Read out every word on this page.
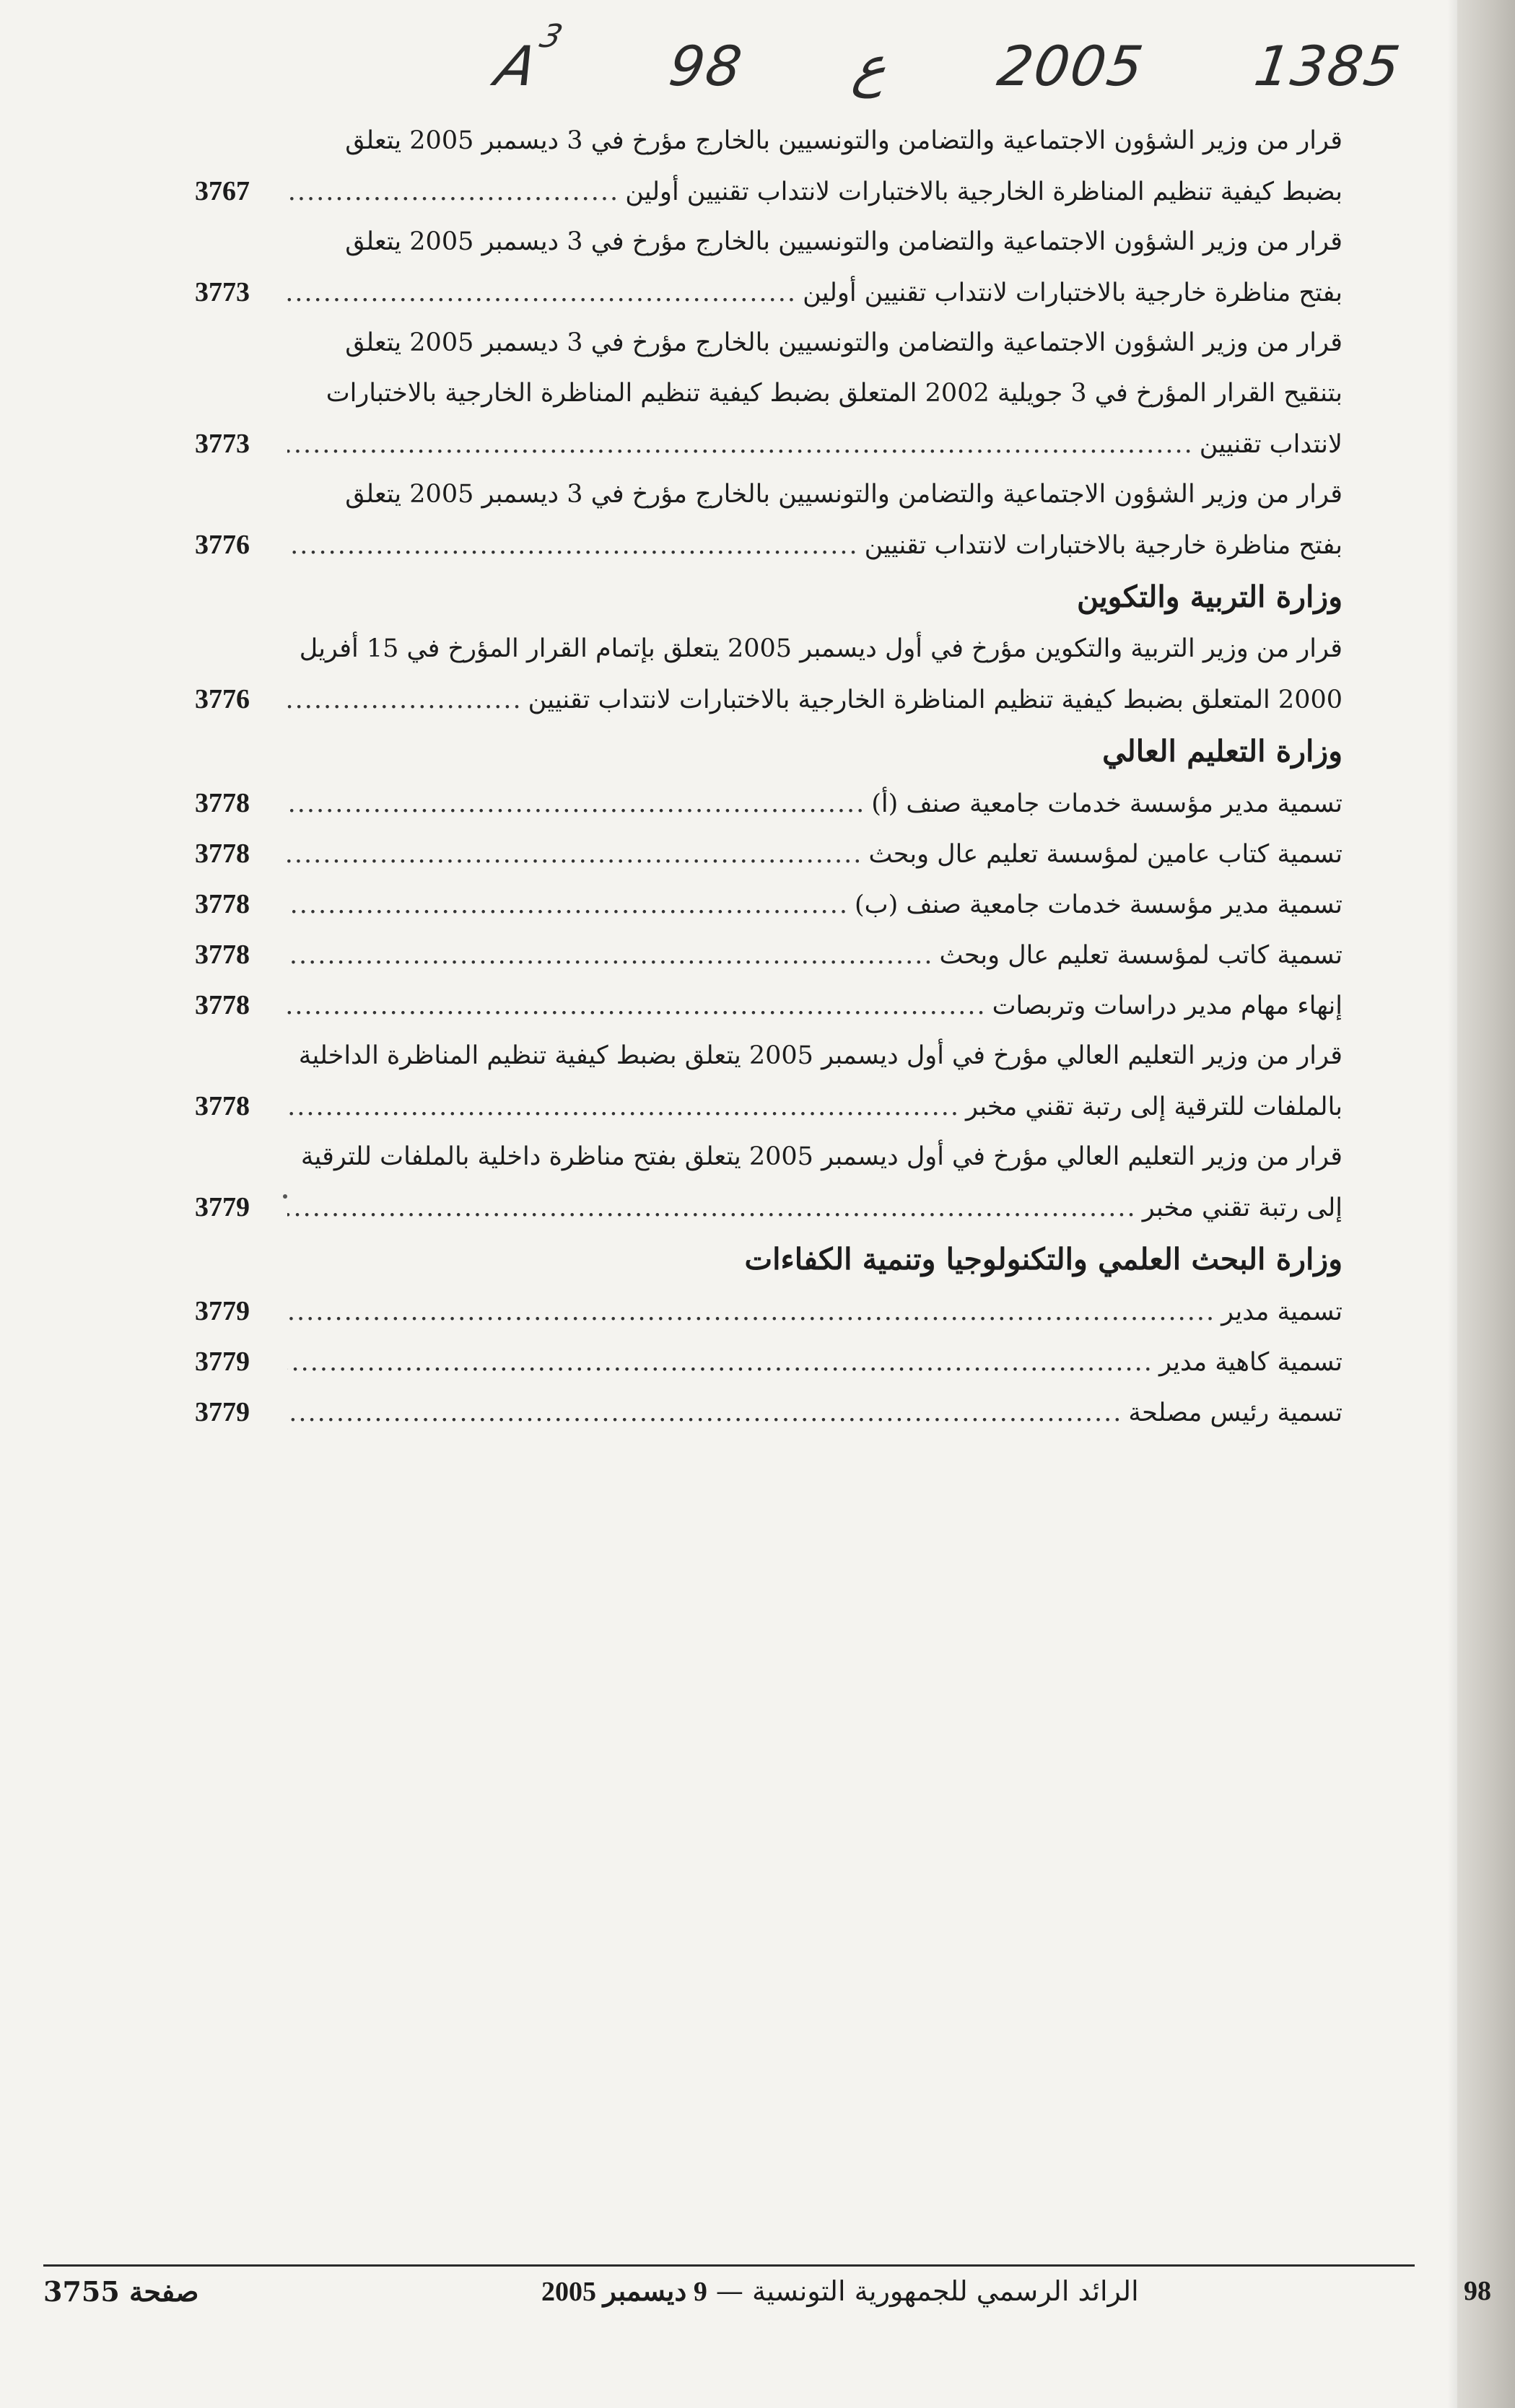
A3 98 ع 2005 1385
قرار من وزير الشؤون الاجتماعية والتضامن والتونسيين بالخارج مؤرخ في 3 ديسمبر 2005 يتعلق
بضبط كيفية تنظيم المناظرة الخارجية بالاختبارات لانتداب تقنيين أولين
.....
3767
قرار من وزير الشؤون الاجتماعية والتضامن والتونسيين بالخارج مؤرخ في 3 ديسمبر 2005 يتعلق
بفتح مناظرة خارجية بالاختبارات لانتداب تقنيين أولين
.....
3773
قرار من وزير الشؤون الاجتماعية والتضامن والتونسيين بالخارج مؤرخ في 3 ديسمبر 2005 يتعلق
بتنقيح القرار المؤرخ في 3 جويلية 2002 المتعلق بضبط كيفية تنظيم المناظرة الخارجية بالاختبارات
لانتداب تقنيين
.....
3773
قرار من وزير الشؤون الاجتماعية والتضامن والتونسيين بالخارج مؤرخ في 3 ديسمبر 2005 يتعلق
بفتح مناظرة خارجية بالاختبارات لانتداب تقنيين
.....
3776
وزارة التربية والتكوين
قرار من وزير التربية والتكوين مؤرخ في أول ديسمبر 2005 يتعلق بإتمام القرار المؤرخ في 15 أفريل
2000 المتعلق بضبط كيفية تنظيم المناظرة الخارجية بالاختبارات لانتداب تقنيين
.....
3776
وزارة التعليم العالي
تسمية مدير مؤسسة خدمات جامعية صنف (أ)
.....
3778
تسمية كتاب عامين لمؤسسة تعليم عال وبحث
.....
3778
تسمية مدير مؤسسة خدمات جامعية صنف (ب)
.....
3778
تسمية كاتب لمؤسسة تعليم عال وبحث
.....
3778
إنهاء مهام مدير دراسات وتربصات
.....
3778
قرار من وزير التعليم العالي مؤرخ في أول ديسمبر 2005 يتعلق بضبط كيفية تنظيم المناظرة الداخلية
بالملفات للترقية إلى رتبة تقني مخبر
.....
3778
قرار من وزير التعليم العالي مؤرخ في أول ديسمبر 2005 يتعلق بفتح مناظرة داخلية بالملفات للترقية
إلى رتبة تقني مخبر
.....
3779
وزارة البحث العلمي والتكنولوجيا وتنمية الكفاءات
تسمية مدير
.....
3779
تسمية كاهية مدير
.....
3779
تسمية رئيس مصلحة
.....
3779
صفحة 3755	الرائد الرسمي للجمهورية التونسية — 9 ديسمبر 2005	98
